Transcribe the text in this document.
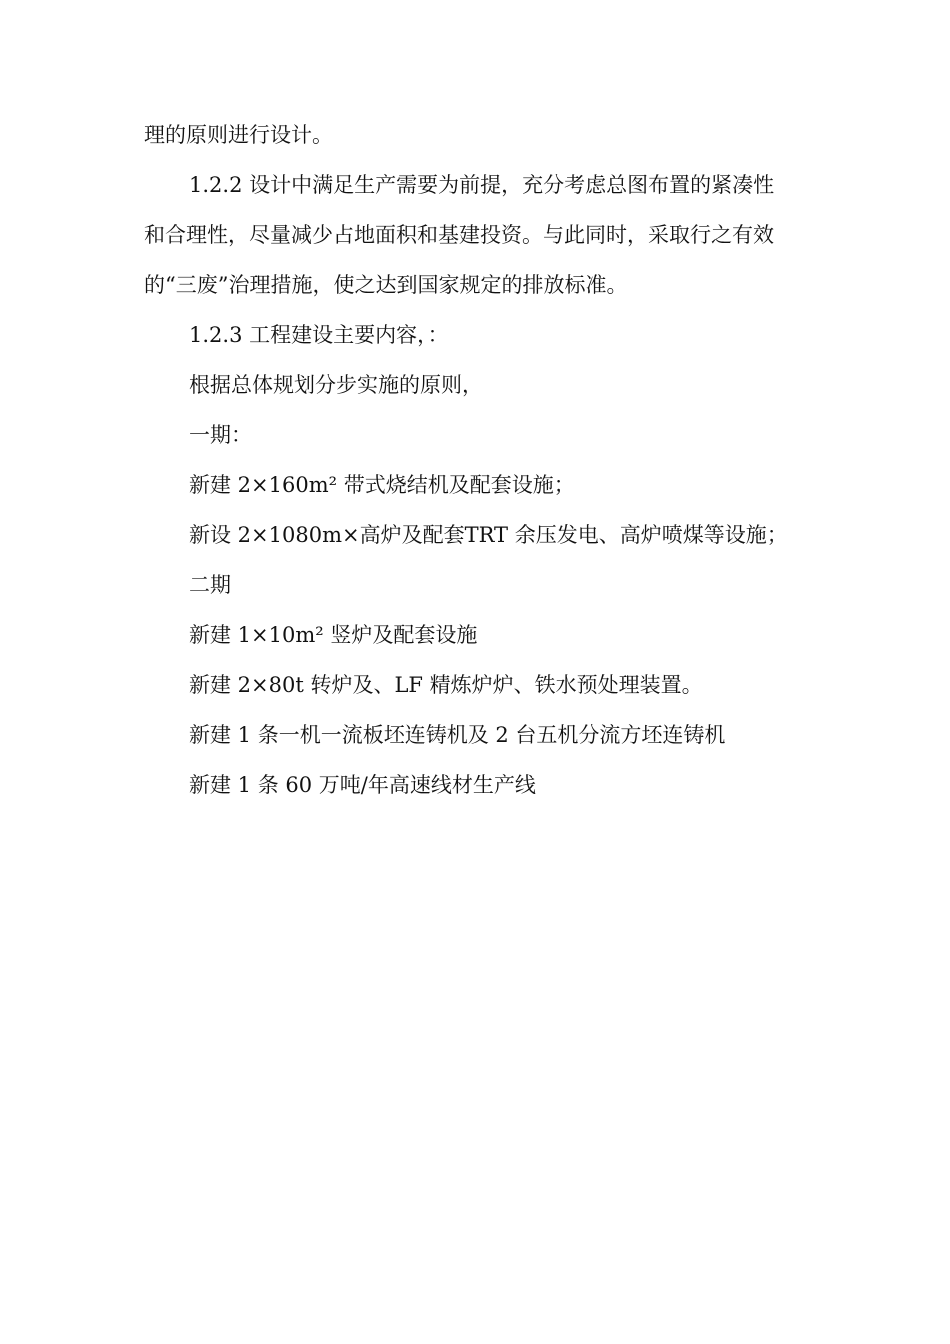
理的原则进行设计。
1.2.2 设计中满足生产需要为前提，充分考虑总图布置的紧凑性
和合理性，尽量减少占地面积和基建投资。与此同时，采取行之有效
的“三废”治理措施，使之达到国家规定的排放标准。
1.2.3 工程建设主要内容，：
根据总体规划分步实施的原则，
一期：
新建 2×160m² 带式烧结机及配套设施；
新设 2×1080m×高炉及配套TRT 余压发电、高炉喷煤等设施；
二期
新建 1×10m² 竖炉及配套设施
新建 2×80t 转炉及、LF 精炼炉炉、铁水预处理装置。
新建 1 条一机一流板坯连铸机及 2 台五机分流方坯连铸机
新建 1 条 60 万吨/年高速线材生产线
